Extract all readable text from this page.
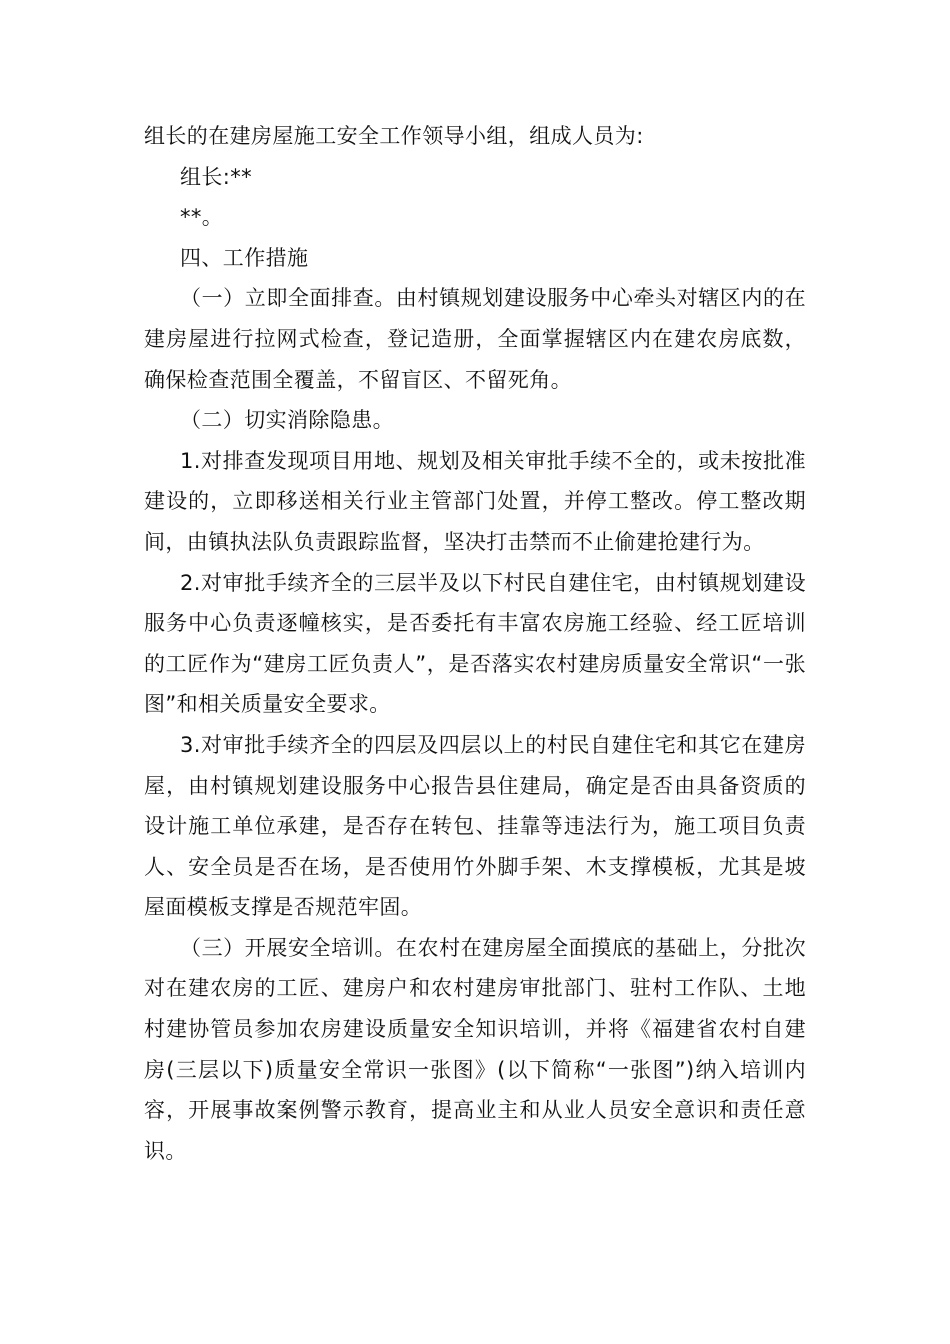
组长的在建房屋施工安全工作领导小组，组成人员为:

组长:**

**。

四、工作措施

（一）立即全面排查。由村镇规划建设服务中心牵头对辖区内的在建房屋进行拉网式检查，登记造册，全面掌握辖区内在建农房底数，确保检查范围全覆盖，不留盲区、不留死角。

（二）切实消除隐患。

1.对排查发现项目用地、规划及相关审批手续不全的，或未按批准建设的，立即移送相关行业主管部门处置，并停工整改。停工整改期间，由镇执法队负责跟踪监督，坚决打击禁而不止偷建抢建行为。

2.对审批手续齐全的三层半及以下村民自建住宅，由村镇规划建设服务中心负责逐幢核实，是否委托有丰富农房施工经验、经工匠培训的工匠作为“建房工匠负责人”，是否落实农村建房质量安全常识“一张图”和相关质量安全要求。

3.对审批手续齐全的四层及四层以上的村民自建住宅和其它在建房屋，由村镇规划建设服务中心报告县住建局，确定是否由具备资质的设计施工单位承建，是否存在转包、挂靠等违法行为，施工项目负责人、安全员是否在场，是否使用竹外脚手架、木支撑模板，尤其是坡屋面模板支撑是否规范牢固。

（三）开展安全培训。在农村在建房屋全面摸底的基础上，分批次对在建农房的工匠、建房户和农村建房审批部门、驻村工作队、土地村建协管员参加农房建设质量安全知识培训，并将《福建省农村自建房(三层以下)质量安全常识一张图》(以下简称“一张图”)纳入培训内容，开展事故案例警示教育，提高业主和从业人员安全意识和责任意识。
